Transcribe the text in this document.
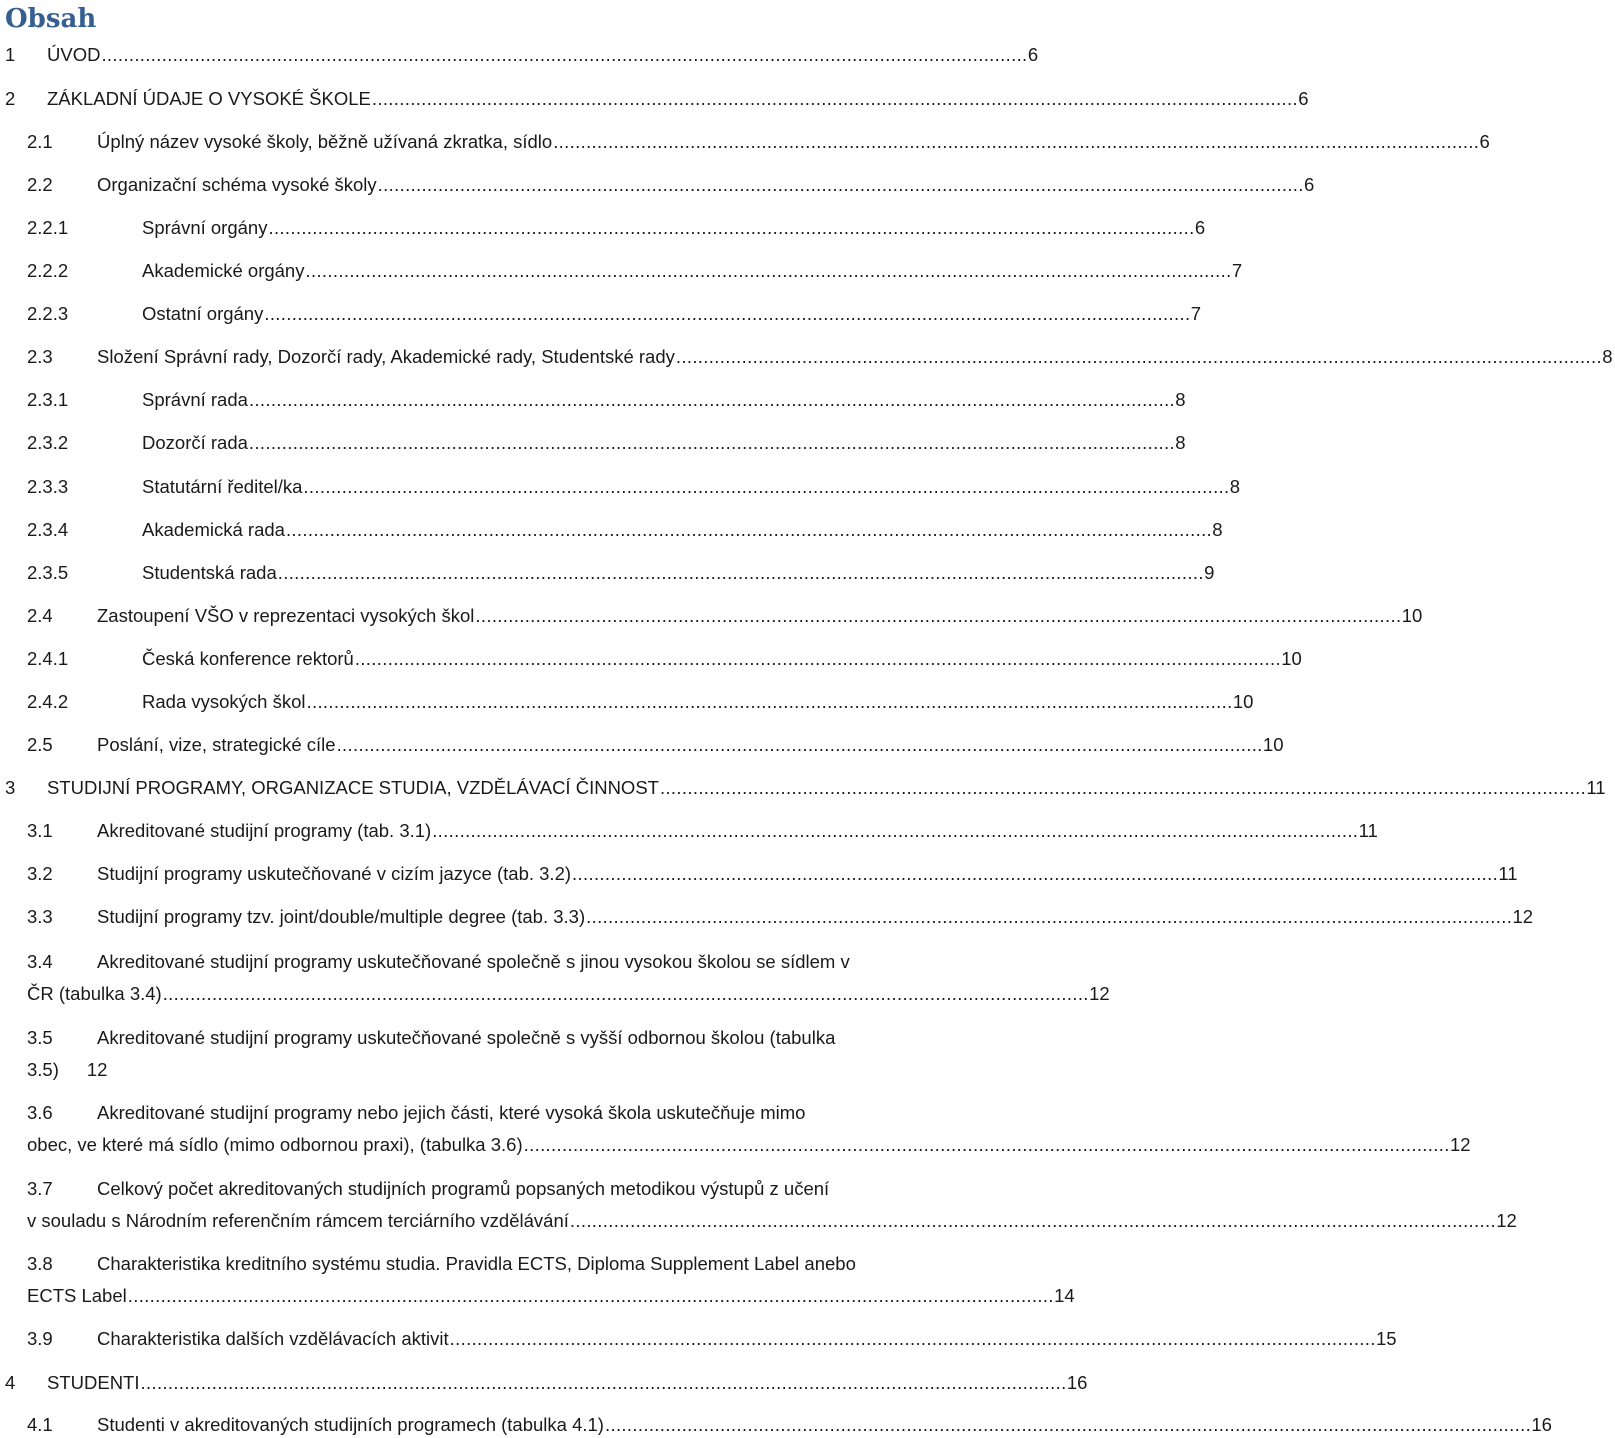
Obsah
1	ÚVOD . . .	6
2	ZÁKLADNÍ ÚDAJE O VYSOKÉ ŠKOLE . . .	6
2.1	Úplný název vysoké školy, běžně užívaná zkratka, sídlo . . .	6
2.2	Organizační schéma vysoké školy . . .	6
2.2.1	Správní orgány . . .	6
2.2.2	Akademické orgány . . .	7
2.2.3	Ostatní orgány . . .	7
2.3	Složení Správní rady, Dozorčí rady, Akademické rady, Studentské rady . . .	8
2.3.1	Správní rada . . .	8
2.3.2	Dozorčí rada . . .	8
2.3.3	Statutární ředitel/ka . . .	8
2.3.4	Akademická rada . . .	8
2.3.5	Studentská rada . . .	9
2.4	Zastoupení VŠO v reprezentaci vysokých škol . . .	10
2.4.1	Česká konference rektorů . . .	10
2.4.2	Rada vysokých škol . . .	10
2.5	Poslání, vize, strategické cíle . . .	10
3	STUDIJNÍ PROGRAMY, ORGANIZACE STUDIA, VZDĚLÁVACÍ ČINNOST . . .	11
3.1	Akreditované studijní programy (tab. 3.1) . . .	11
3.2	Studijní programy uskutečňované v cizím jazyce (tab. 3.2) . . .	11
3.3	Studijní programy tzv. joint/double/multiple degree (tab. 3.3) . . .	12
3.4	Akreditované studijní programy uskutečňované společně s jinou vysokou školou se sídlem v
ČR (tabulka 3.4) . . .	12
3.5	Akreditované studijní programy uskutečňované společně s vyšší odbornou školou (tabulka
3.5)	12
3.6	Akreditované studijní programy nebo jejich části, které vysoká škola uskutečňuje mimo
obec, ve které má sídlo (mimo odbornou praxi), (tabulka 3.6) . . .	12
3.7	Celkový počet akreditovaných studijních programů popsaných metodikou výstupů z učení
v souladu s Národním referenčním rámcem terciárního vzdělávání . . .	12
3.8	Charakteristika kreditního systému studia. Pravidla ECTS, Diploma Supplement Label anebo
ECTS Label . . .	14
3.9	Charakteristika dalších vzdělávacích aktivit . . .	15
4	STUDENTI . . .	16
4.1	Studenti v akreditovaných studijních programech (tabulka 4.1) . . .	16
